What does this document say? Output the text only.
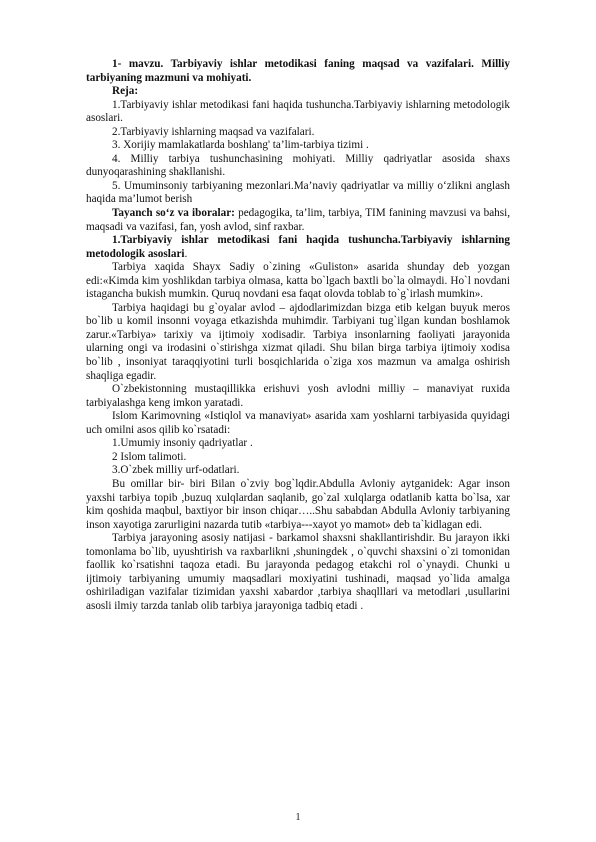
1- mavzu. Tarbiyaviy ishlar metodikasi faning maqsad va vazifalari. Milliy tarbiyaning mazmuni va mohiyati.

Reja:

1.Tarbiyaviy ishlar metodikasi fani haqida tushuncha.Tarbiyaviy ishlarning metodologik asoslari.

2.Tarbiyaviy ishlarning maqsad va vazifalari.

3. Xorijiy mamlakatlarda boshlang' ta’lim-tarbiya tizimi .

4. Milliy tarbiya tushunchasining mohiyati. Milliy qadriyatlar asosida shaxs dunyoqarashining shakllanishi.

5. Umuminsoniy tarbiyaning mezonlari.Ma’naviy qadriyatlar va milliy o‘zlikni anglash haqida ma’lumot berish

Tayanch so‘z va iboralar: pedagogika, ta’lim, tarbiya, TIM fanining mavzusi va bahsi, maqsadi va vazifasi, fan, yosh avlod, sinf raxbar.

1.Tarbiyaviy ishlar metodikasi fani haqida tushuncha.Tarbiyaviy ishlarning metodologik asoslari.

Tarbiya xaqida Shayx Sadiy o`zining «Guliston» asarida shunday deb yozgan edi:«Kimda kim yoshlikdan tarbiya olmasa, katta bo`lgach baxtli bo`la olmaydi. Ho`l novdani istagancha bukish mumkin. Quruq novdani esa faqat olovda toblab to`g`irlash mumkin».

Tarbiya haqidagi bu g`oyalar avlod – ajdodlarimizdan bizga etib kelgan buyuk meros bo`lib u komil insonni voyaga etkazishda muhimdir. Tarbiyani tug`ilgan kundan boshlamok zarur.«Tarbiya» tarixiy va ijtimoiy xodisadir. Tarbiya insonlarning faoliyati jarayonida ularning ongi va irodasini o`stirishga xizmat qiladi. Shu bilan birga tarbiya ijtimoiy xodisa bo`lib , insoniyat taraqqiyotini turli bosqichlarida o`ziga xos mazmun va amalga oshirish shaqliga egadir.

O`zbekistonning mustaqillikka erishuvi yosh avlodni milliy – manaviyat ruxida tarbiyalashga keng imkon yaratadi.

Islom Karimovning «Istiqlol va manaviyat» asarida xam yoshlarni tarbiyasida quyidagi uch omilni asos qilib ko`rsatadi:

1.Umumiy insoniy qadriyatlar .

2 Islom talimoti.

3.O`zbek milliy urf-odatlari.

Bu omillar bir- biri Bilan o`zviy bog`lqdir.Abdulla Avloniy aytganidek: Agar inson yaxshi tarbiya topib ,buzuq xulqlardan saqlanib, go`zal xulqlarga odatlanib katta bo`lsa, xar kim qoshida maqbul, baxtiyor bir inson chiqar…..Shu sababdan Abdulla Avloniy tarbiyaning inson xayotiga zarurligini nazarda tutib «tarbiya---xayot yo mamot» deb ta`kidlagan edi.

Tarbiya jarayoning asosiy natijasi - barkamol shaxsni shakllantirishdir. Bu jarayon ikki tomonlama bo`lib, uyushtirish va raxbarlikni ,shuningdek , o`quvchi shaxsini o`zi tomonidan faollik ko`rsatishni taqoza etadi. Bu jarayonda pedagog etakchi rol o`ynaydi. Chunki u ijtimoiy tarbiyaning umumiy maqsadlari moxiyatini tushinadi, maqsad yo`lida amalga oshiriladigan vazifalar tizimidan yaxshi xabardor ,tarbiya shaqlllari va metodlari ,usullarini asosli ilmiy tarzda tanlab olib tarbiya jarayoniga tadbiq etadi .

1
